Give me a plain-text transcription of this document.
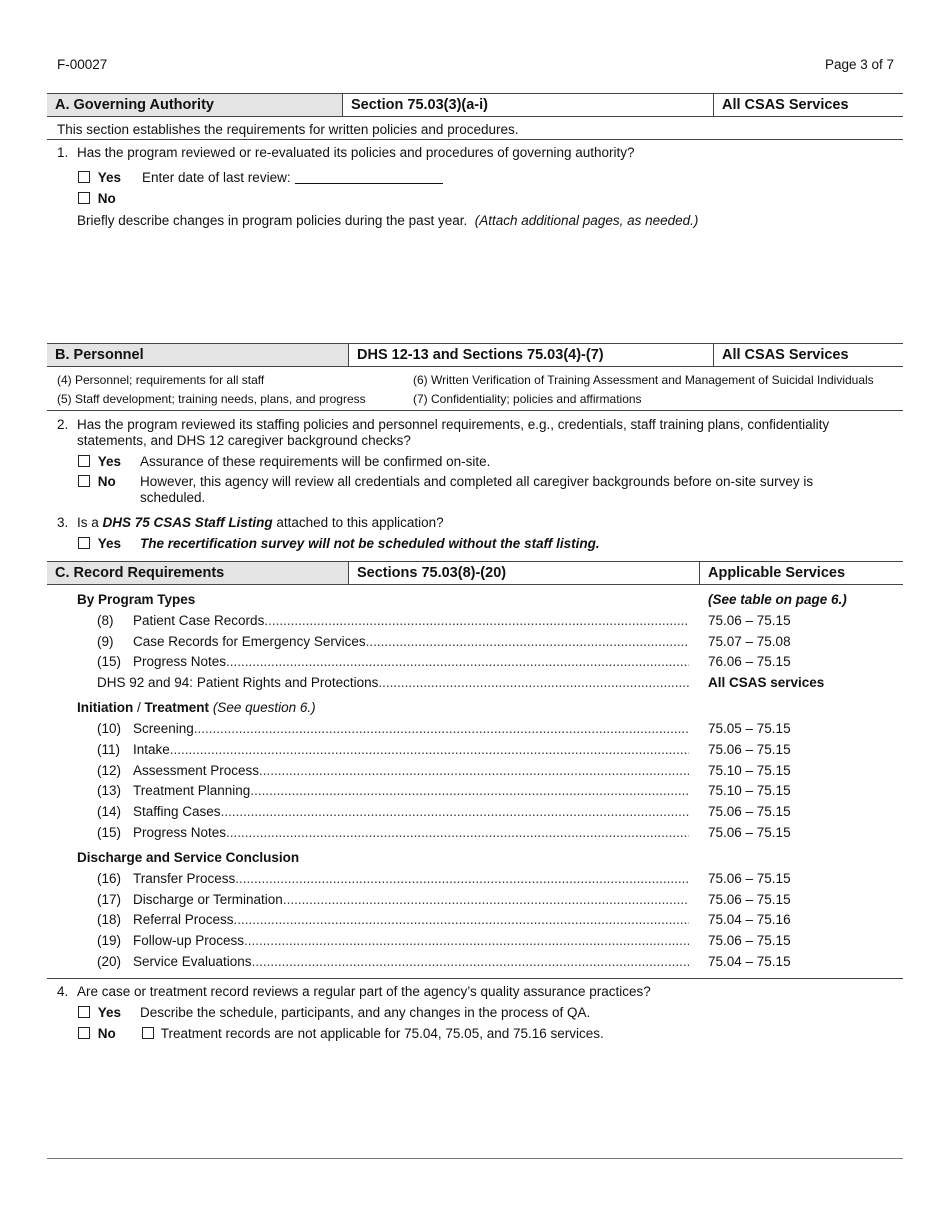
F-00027	Page 3 of 7
A. Governing Authority	Section 75.03(3)(a-i)	All CSAS Services
This section establishes the requirements for written policies and procedures.
1. Has the program reviewed or re-evaluated its policies and procedures of governing authority?
Yes Enter date of last review:
No
Briefly describe changes in program policies during the past year. (Attach additional pages, as needed.)
B. Personnel	DHS 12-13 and Sections 75.03(4)-(7)	All CSAS Services
(4) Personnel; requirements for all staff	(6) Written Verification of Training Assessment and Management of Suicidal Individuals
(5) Staff development; training needs, plans, and progress	(7) Confidentiality; policies and affirmations
2. Has the program reviewed its staffing policies and personnel requirements, e.g., credentials, staff training plans, confidentiality
statements, and DHS 12 caregiver background checks?
Yes Assurance of these requirements will be confirmed on-site.
No However, this agency will review all credentials and completed all caregiver backgrounds before on-site survey is
scheduled.
3. Is a DHS 75 CSAS Staff Listing attached to this application?
Yes The recertification survey will not be scheduled without the staff listing.
C. Record Requirements	Sections 75.03(8)-(20)	Applicable Services
By Program Types	(See table on page 6.)
(8)	Patient Case Records .....	75.06 – 75.15
(9)	Case Records for Emergency Services .....	75.07 – 75.08
(15) Progress Notes .....	76.06 – 75.15
DHS 92 and 94: Patient Rights and Protections .....	All CSAS services
Initiation / Treatment (See question 6.)
(10) Screening .....	75.05 – 75.15
(11) Intake .....	75.06 – 75.15
(12) Assessment Process .....	75.10 – 75.15
(13) Treatment Planning .....	75.10 – 75.15
(14) Staffing Cases .....	75.06 – 75.15
(15) Progress Notes .....	75.06 – 75.15
Discharge and Service Conclusion
(16) Transfer Process .....	75.06 – 75.15
(17) Discharge or Termination .....	75.06 – 75.15
(18) Referral Process .....	75.04 – 75.16
(19) Follow-up Process .....	75.06 – 75.15
(20) Service Evaluations .....	75.04 – 75.15
4. Are case or treatment record reviews a regular part of the agency’s quality assurance practices?
Yes Describe the schedule, participants, and any changes in the process of QA.
No	Treatment records are not applicable for 75.04, 75.05, and 75.16 services.
